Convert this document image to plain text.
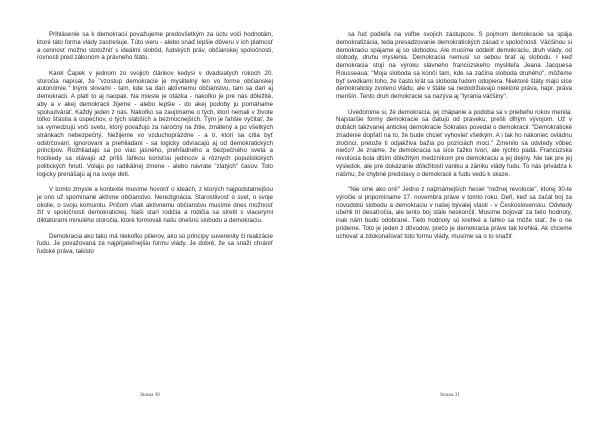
Prihlásenie sa k demokracii považujeme predovšetkým za úctu voči hodnotám, ktoré táto forma vlády zastrešuje. Túto vieru - alebo snáď lepšie dôveru v ich platnosť a cennosť možno stotožniť s ideálmi slobôd, ľudských práv, občianskej spoločnosti, rovnosti pred zákonom a právneho štátu.

Karel Čapek v jednom zo svojich článkov kedysi v dvadsiatych rokoch 20. storočia napísal, že "vzostup demokracie je myslitelný len vo forme občianskej autonómie." Inými slovami - tam, kde sa dari aktívnemu občianstvu, tam sa darí aj demokracii. A platí to aj naopak. Na mieste je otázka - nakoľko je pre nás dôležité, aby a v akej demokracii žijeme - alebo lepšie - do akej podoby ju pomáhame spoluutvárať. Každý jeden z nás. Nakoľko sa zaujímame o tých, ktorí nemali v živote toľko šťastia a úspechov, o tých slabších a bezmocnejších. Tým je ľahšie vyčítať, že sa vymedzujú voči svetu, ktorý považujú za náročný na žitie, zmätený a po všetkých stránkach nebezpečný. Nežijeme vo vzduchoprázdne - a tí, ktorí sa cítia byť odstrčovaní, ignorovaní a prehliadaní - sa logicky odvracajú aj od demokratických princípov. Rozhliadajú sa po viac jasného, prehľadného a bezpečného sveta a hocikedy sa stávajú až príliš ľahkou korisťou jedincov a rôznych populistických politických hnutí. Volajú po radikálnej zmene - alebo návrate "zlatých" časov. Toto logicky prenášajú aj na svoje deti.

V tomto zmysle a kontexte musíme hovoriť o ideách, z ktorých najpodstatnejšou je ono už spomínané aktívne občianstvo. Nerezignácia. Starostlivosť o svet, o svoje okolie, o svoju komunitu. Pričom však aktívnemu občianstvu musíme dnes možnosť žiť v spoločnosti demokratickej. Naši starí rodičia a rodičia sa stretli s viacerými diktatúrami minulého storočia, ktoré formovali našu dnešnú slobodu a demokraciu.

Demokracia ako takú má niekoľko pilierov, ako sú princípy suverenity či realizácie ľudu. Je považovaná za najprijateľnejšiu formu vlády. Je dobré, že sa snaží chrániť ľudské práva, takisto

Strana 30

sa ľud podieľa na voľbe svojich zástupcov. S pojmom demokracie sa spája demokratizácia, teda presadzovanie demokratických zásad v spoločnosti. Väčšinou si demokraciu spájame aj so slobodou. Ale musíme oddeliť demokraciu, druh vlády, od slobody, druhu myslenia. Demokracia nemusí so sebou brať aj slobodu. I keď demokracia stojí na výroku slávneho francúzskeho mysliteľa Jeana Jacquesa Rousseaua: "Moja sloboda sa končí tam, kde sa začína sloboda druhého", môžeme byť svedkami toho, že často krát sa sloboda ľudom odopiera. Niektoré štáty majú síce demokraticky zvolenú vládu, ale v štáte sa nedodržiavajú niektoré práva, napr. práva menšín. Tento druh demokracie sa nazýva aj "tyrania väčšiny".

Uvedomme si, že demokracia, jej chápanie a podoba sa v priebehu rokov menila. Najstaršie formy demokracie sa datujú od praveku, prešli dlhým vývojom. Už v dobách takzvanej antickej demokracie Sokrates povedal o demokracii: "Demokratické zriadenie dopľatí na to, že bude chcieť vyhovieť všetkým. A i tak ho nakoniec ovládnu zločinci, pretože ti odjakživa bažia po pozíciách moci." Zmenilo sa odvtedy vôbec niečo? Je známe, že demokracia sa síce ťažko tvorí, ale rýchlo padá. Francúzska revolúcia bola dlším dôležitým medzníkom pre demokraciu a jej dejiny. Nie tak pre jej výsledok, ale pre dokázanie dôležitosti vaniku a zániku vlády ľudu. To nás privádza k nášmu, že chybné predstavy o demokracii a ľudu vedú k skaze.

"Nie sme ako oni!" Jedno z najznámejších hesiel "nežnej revolúcie", ktorej 30-te výročie si pripomíname 17. novembra práve v tomto roku. Deň, keď sa začal boj za novodobú slobodu a demokraciu v našej bývalej vlasti - v Československu. Odvtedy ubehli tri desaťročia, ale tento boj stále neskončil. Musíme bojovať za tieto hodnoty, inak nám budú odobrané. Tieto hodnoty sú krehké a ľahko sa môže stať, že o ne prídeme. Toto je jeden z dôvodov, prečo je demokracia práve tak krehká. Ak chceme uchovať a zdokonaľovať túto formu vlády, musíme sa o to snažiť

Strana 31
